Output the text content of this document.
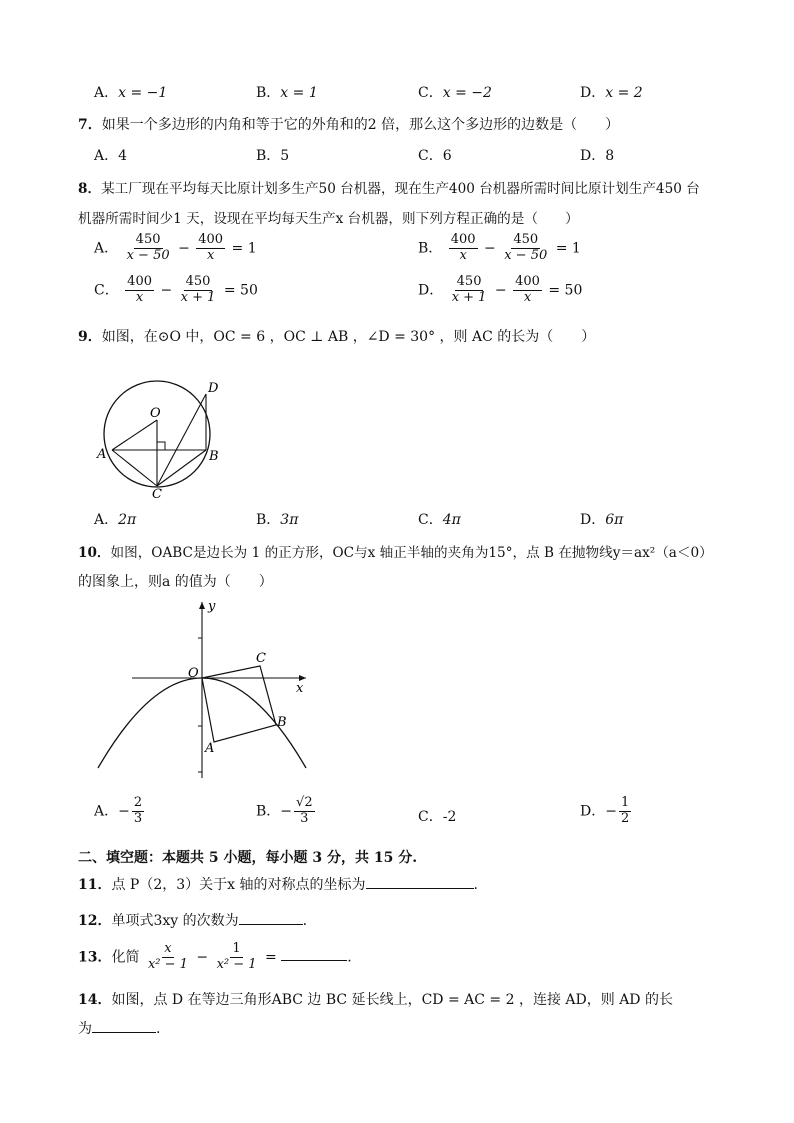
A．x = −1	B．x = 1	C．x = −2	D．x = 2
7．如果一个多边形的内角和等于它的外角和的2 倍，那么这个多边形的边数是（　　）
A．4	B．5	C．6	D．8
8．某工厂现在平均每天比原计划多生产50 台机器，现在生产400 台机器所需时间比原计划生产450 台
机器所需时间少1 天，设现在平均每天生产x 台机器，则下列方程正确的是（　　）
A． $\frac{450}{x - 50} - \frac{400}{x} = 1$	B． $\frac{400}{x} - \frac{450}{x - 50} = 1$
C． $\frac{400}{x} - \frac{450}{x + 1} = 50$	D． $\frac{450}{x + 1} - \frac{400}{x} = 50$
9．如图，在⊙O 中，OC = 6 ，OC ⊥ AB ，∠D = 30° ，则 AC 的长为（　　）
O
A	B
C
D
A．2π	B．3π	C．4π	D．6π
10．如图，OABC是边长为 1 的正方形，OC与x 轴正半轴的夹角为15°，点 B 在抛物线y＝ax²（a＜0）
的图象上，则a 的值为（　　）
O
C
B
A
x
y
A．− $\frac{2}{3}$	B．− $\frac{√2}{3}$	C．-2	D．− $\frac{1}{2}$
二、填空题：本题共 5 小题，每小题 3 分，共 15 分.
11．点 P（2，3）关于x 轴的对称点的坐标为	.
12．单项式3xy 的次数为	.
13．化简 $\frac{x}{\text{x² − 1}} - \frac{1}{\text{x² − 1}}$ =	.
14．如图，点 D 在等边三角形ABC 边 BC 延长线上，CD = AC = 2 ，连接 AD，则 AD 的长
为	.
